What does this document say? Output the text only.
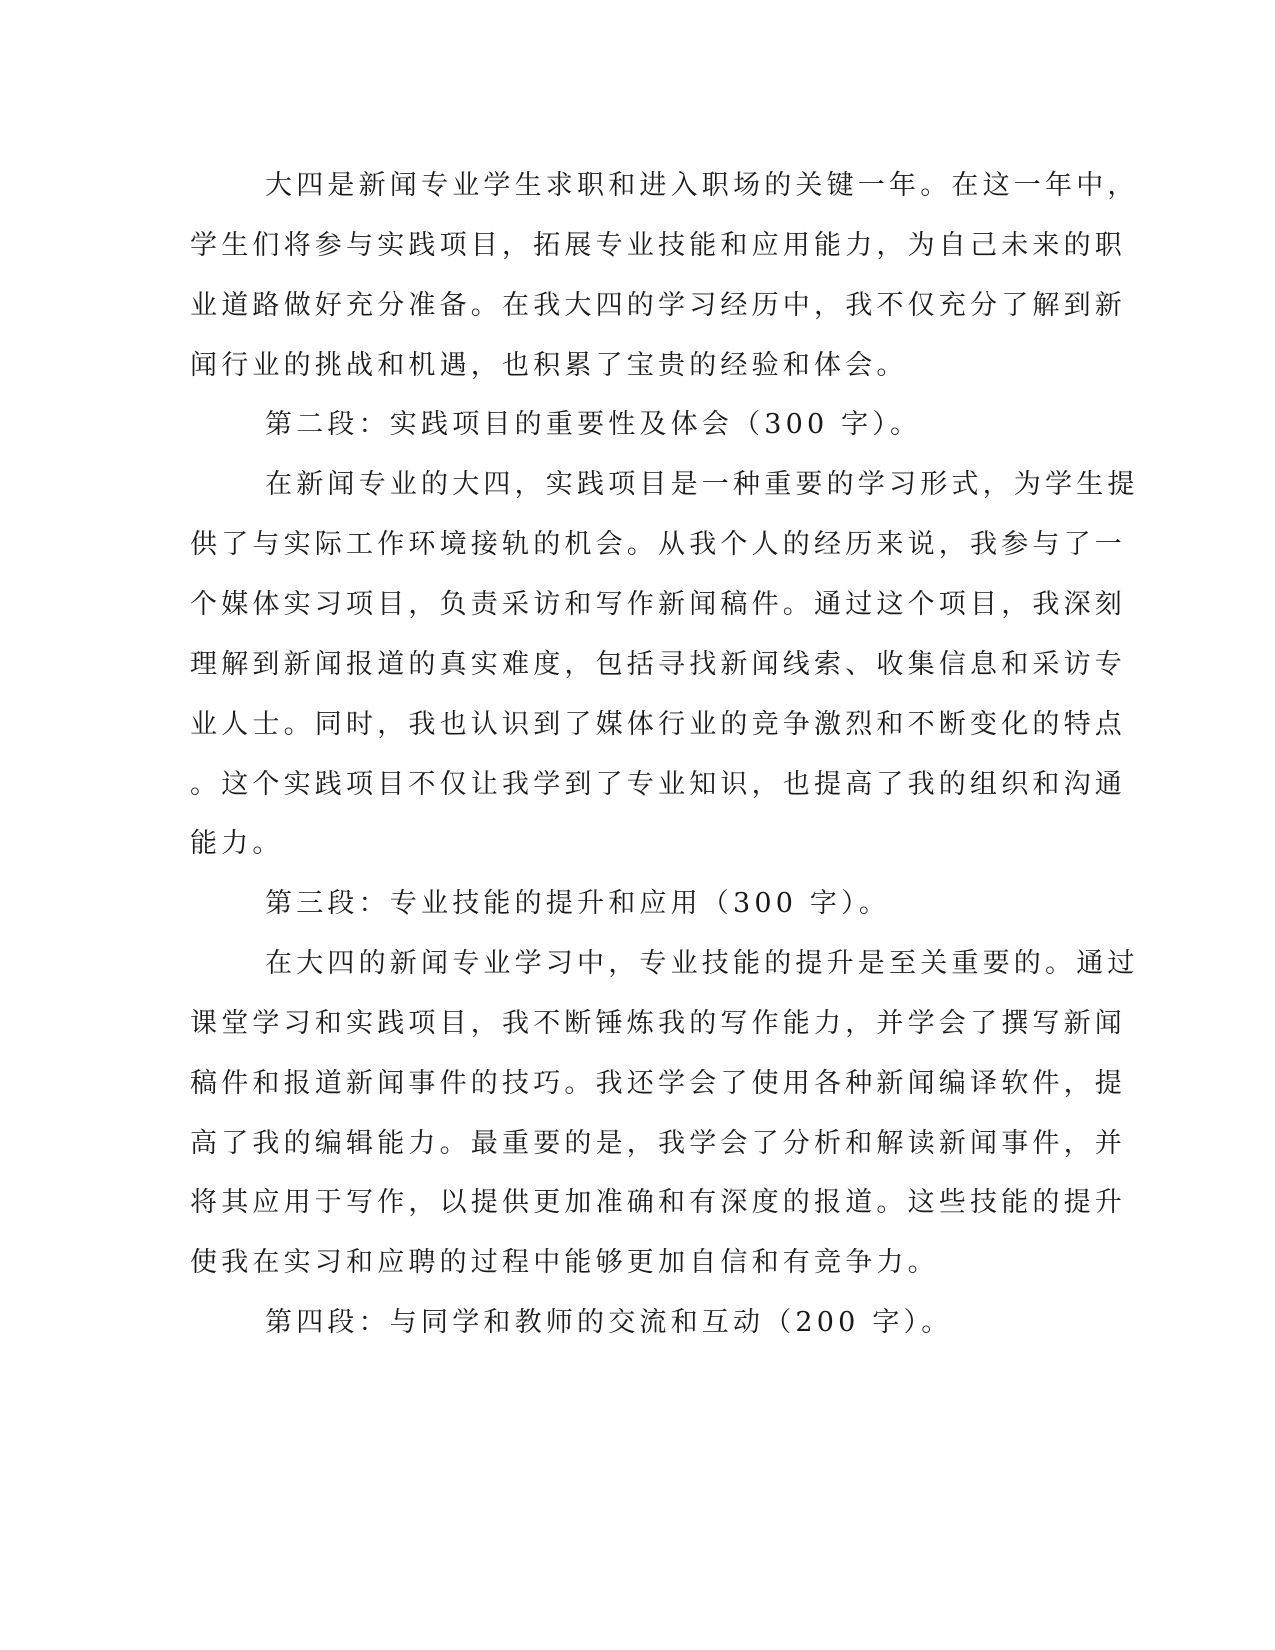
大四是新闻专业学生求职和进入职场的关键一年。在这一年中，
学生们将参与实践项目，拓展专业技能和应用能力，为自己未来的职
业道路做好充分准备。在我大四的学习经历中，我不仅充分了解到新
闻行业的挑战和机遇，也积累了宝贵的经验和体会。
第二段：实践项目的重要性及体会（300 字）。
在新闻专业的大四，实践项目是一种重要的学习形式，为学生提
供了与实际工作环境接轨的机会。从我个人的经历来说，我参与了一
个媒体实习项目，负责采访和写作新闻稿件。通过这个项目，我深刻
理解到新闻报道的真实难度，包括寻找新闻线索、收集信息和采访专
业人士。同时，我也认识到了媒体行业的竞争激烈和不断变化的特点
。这个实践项目不仅让我学到了专业知识，也提高了我的组织和沟通
能力。
第三段：专业技能的提升和应用（300 字）。
在大四的新闻专业学习中，专业技能的提升是至关重要的。通过
课堂学习和实践项目，我不断锤炼我的写作能力，并学会了撰写新闻
稿件和报道新闻事件的技巧。我还学会了使用各种新闻编译软件，提
高了我的编辑能力。最重要的是，我学会了分析和解读新闻事件，并
将其应用于写作，以提供更加准确和有深度的报道。这些技能的提升
使我在实习和应聘的过程中能够更加自信和有竞争力。
第四段：与同学和教师的交流和互动（200 字）。
